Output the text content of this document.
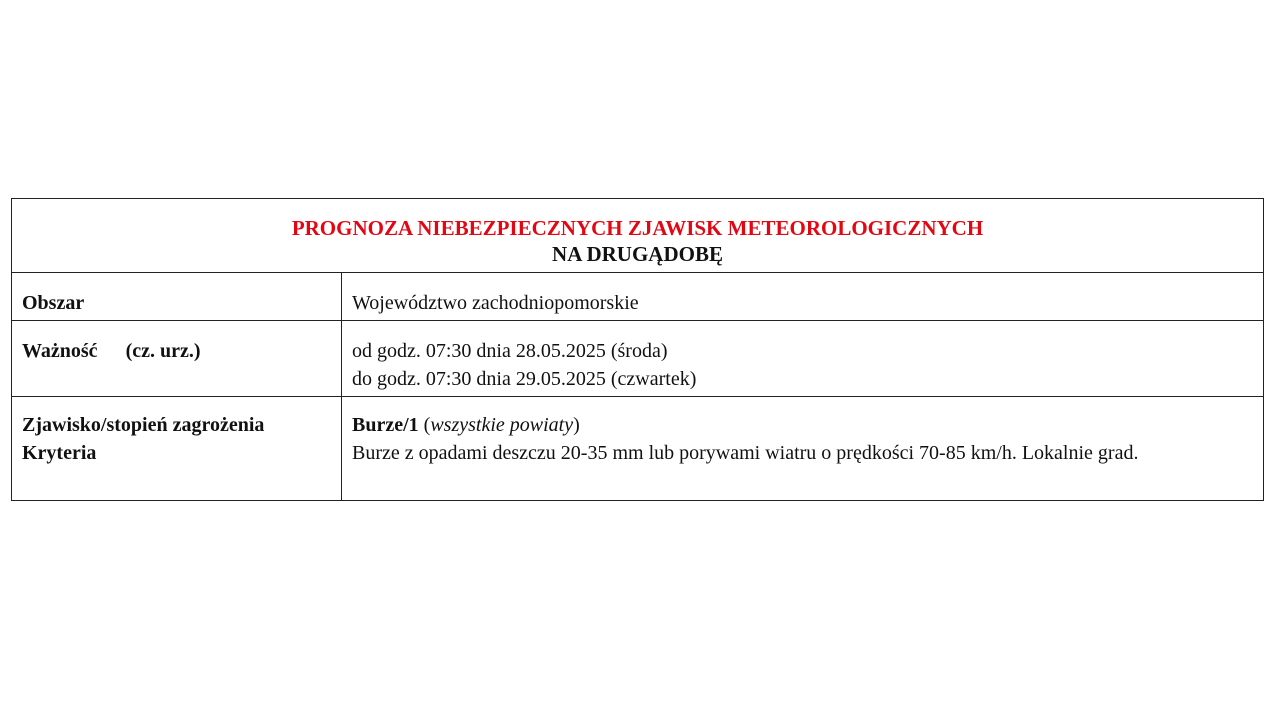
PROGNOZA NIEBEZPIECZNYCH ZJAWISK METEOROLOGICZNYCH
NA DRUGĄDOBĘ
Obszar	Województwo zachodniopomorskie
Ważność (cz. urz.)	od godz. 07:30 dnia 28.05.2025 (środa)
do godz. 07:30 dnia 29.05.2025 (czwartek)
Zjawisko/stopień zagrożenia
Kryteria
Burze/1 (wszystkie powiaty)
Burze z opadami deszczu 20-35 mm lub porywami wiatru o prędkości 70-85 km/h. Lokalnie grad.
